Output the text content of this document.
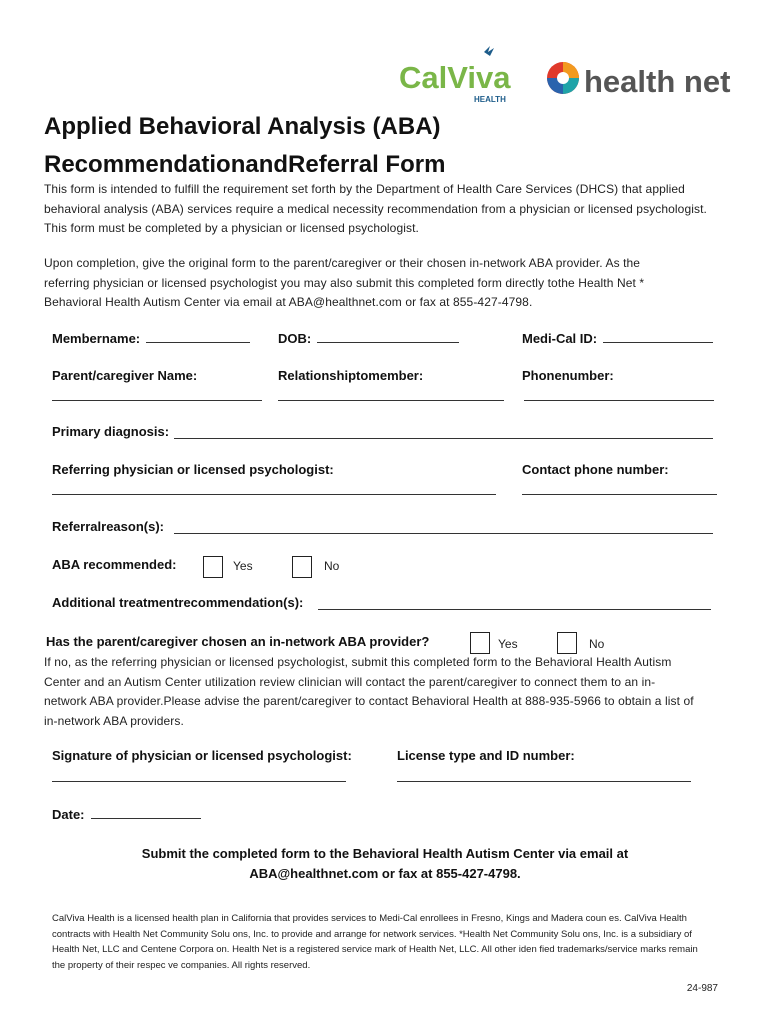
CalViva
HEALTH
health net
Applied Behavioral Analysis (ABA)
RecommendationandReferral Form
This form is intended to fulfill the requirement set forth by the Department of Health Care Services (DHCS) that applied
behavioral analysis (ABA) services require a medical necessity recommendation from a physician or licensed psychologist.
This form must be completed by a physician or licensed psychologist.
Upon completion, give the original form to the parent/caregiver or their chosen in-network ABA provider. As the
referring physician or licensed psychologist you may also submit this completed form directly tothe Health Net *
Behavioral Health Autism Center via email at ABA@healthnet.com or fax at 855-427-4798.
Membername:	DOB:	Medi-Cal ID:
Parent/caregiver Name:	Relationshiptomember:	Phonenumber:
Primary diagnosis:
Referring physician or licensed psychologist:	Contact phone number:
Referralreason(s):
ABA recommended:	Yes	No
Additional treatmentrecommendation(s):
Has the parent/caregiver chosen an in-network ABA provider?	Yes	No
If no, as the referring physician or licensed psychologist, submit this completed form to the Behavioral Health Autism
Center and an Autism Center utilization review clinician will contact the parent/caregiver to connect them to an in-
network ABA provider.Please advise the parent/caregiver to contact Behavioral Health at 888-935-5966 to obtain a list of
in-network ABA providers.
Signature of physician or licensed psychologist:	License type and ID number:
Date:
Submit the completed form to the Behavioral Health Autism Center via email at
ABA@healthnet.com or fax at 855-427-4798.
CalViva Health is a licensed health plan in California that provides services to Medi-Cal enrollees in Fresno, Kings and Madera coun es. CalViva Health
contracts with Health Net Community Solu ons, Inc. to provide and arrange for network services. *Health Net Community Solu ons, Inc. is a subsidiary of
Health Net, LLC and Centene Corpora on. Health Net is a registered service mark of Health Net, LLC. All other iden fied trademarks/service marks remain
the property of their respec ve companies. All rights reserved.
24-987
